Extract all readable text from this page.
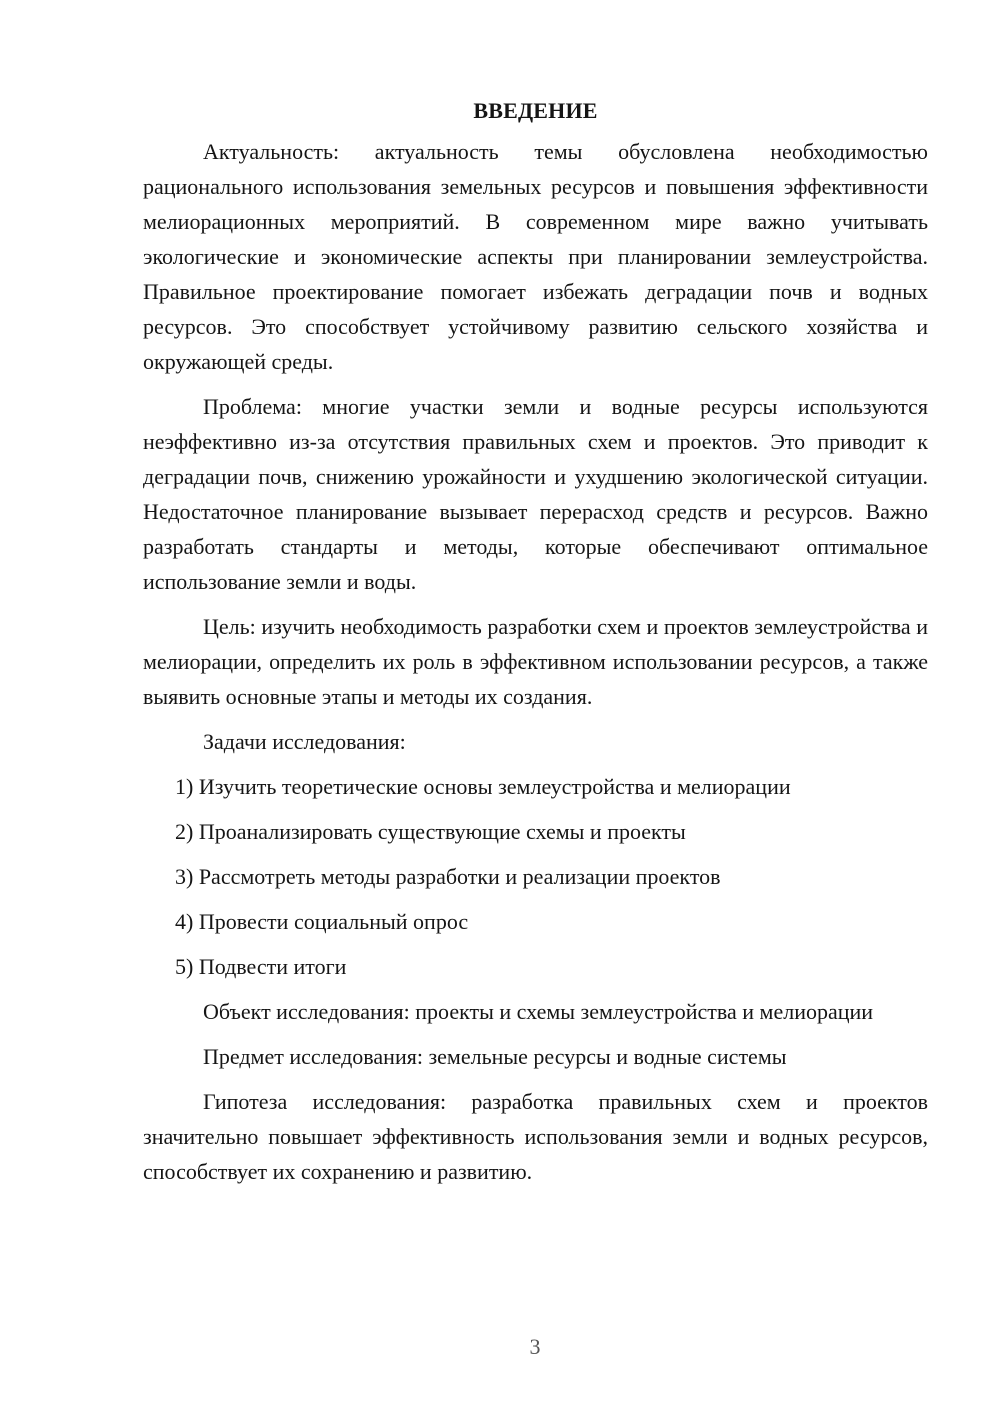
ВВЕДЕНИЕ

Актуальность: актуальность темы обусловлена необходимостью рационального использования земельных ресурсов и повышения эффективности мелиорационных мероприятий. В современном мире важно учитывать экологические и экономические аспекты при планировании землеустройства. Правильное проектирование помогает избежать деградации почв и водных ресурсов. Это способствует устойчивому развитию сельского хозяйства и окружающей среды.

Проблема: многие участки земли и водные ресурсы используются неэффективно из-за отсутствия правильных схем и проектов. Это приводит к деградации почв, снижению урожайности и ухудшению экологической ситуации. Недостаточное планирование вызывает перерасход средств и ресурсов. Важно разработать стандарты и методы, которые обеспечивают оптимальное использование земли и воды.

Цель: изучить необходимость разработки схем и проектов землеустройства и мелиорации, определить их роль в эффективном использовании ресурсов, а также выявить основные этапы и методы их создания.

Задачи исследования:

1) Изучить теоретические основы землеустройства и мелиорации
2) Проанализировать существующие схемы и проекты
3) Рассмотреть методы разработки и реализации проектов
4) Провести социальный опрос
5) Подвести итоги

Объект исследования: проекты и схемы землеустройства и мелиорации

Предмет исследования: земельные ресурсы и водные системы

Гипотеза исследования: разработка правильных схем и проектов значительно повышает эффективность использования земли и водных ресурсов, способствует их сохранению и развитию.

3
